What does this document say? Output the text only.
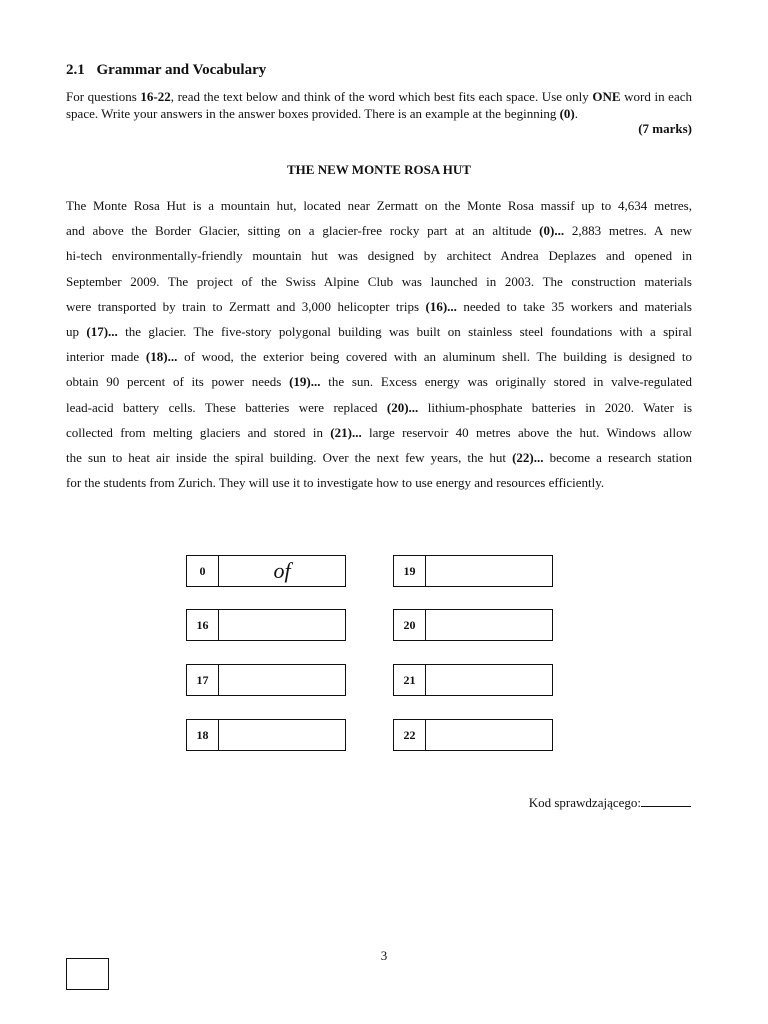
2.1 Grammar and Vocabulary
For questions 16-22, read the text below and think of the word which best fits each space. Use only ONE word in each space. Write your answers in the answer boxes provided. There is an example at the beginning (0).
(7 marks)
THE NEW MONTE ROSA HUT
The Monte Rosa Hut is a mountain hut, located near Zermatt on the Monte Rosa massif up to 4,634 metres,
and above the Border Glacier, sitting on a glacier-free rocky part at an altitude (0)... 2,883 metres. A new
hi-tech environmentally-friendly mountain hut was designed by architect Andrea Deplazes and opened in
September 2009. The project of the Swiss Alpine Club was launched in 2003. The construction materials
were transported by train to Zermatt and 3,000 helicopter trips (16)... needed to take 35 workers and materials
up (17)... the glacier. The five-story polygonal building was built on stainless steel foundations with a spiral
interior made (18)... of wood, the exterior being covered with an aluminum shell. The building is designed to
obtain 90 percent of its power needs (19)... the sun. Excess energy was originally stored in valve-regulated
lead-acid battery cells. These batteries were replaced (20)... lithium-phosphate batteries in 2020. Water is
collected from melting glaciers and stored in (21)... large reservoir 40 metres above the hut. Windows allow
the sun to heat air inside the spiral building. Over the next few years, the hut (22)... become a research station
for the students from Zurich. They will use it to investigate how to use energy and resources efficiently.
0	of
16
17
18
19
20
21
22
Kod sprawdzającego:
3
